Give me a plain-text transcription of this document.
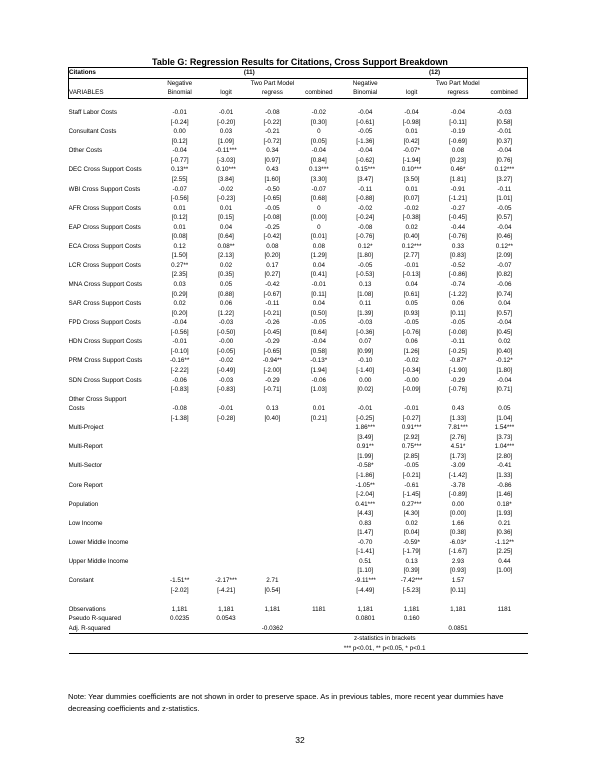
Table G: Regression Results for Citations, Cross Support Breakdown
Citations	(11)				(12)			
	Negative	Two Part Model			Negative	Two Part Model		
VARIABLES	Binomial	logit	regress	combined	Binomial	logit	regress	combined

Staff Labor Costs	-0.01	-0.01	-0.08	-0.02	-0.04	-0.04	-0.04	-0.03
	[-0.24]	[-0.20]	[-0.22]	[0.30]	[-0.61]	[-0.98]	[-0.11]	[0.58]
Consultant Costs	0.00	0.03	-0.21	0	-0.05	0.01	-0.19	-0.01
	[0.12]	[1.09]	[-0.72]	[0.05]	[-1.36]	[0.42]	[-0.69]	[0.37]
Other Costs	-0.04	-0.11***	0.34	-0.04	-0.04	-0.07*	0.08	-0.04
	[-0.77]	[-3.03]	[0.97]	[0.84]	[-0.62]	[-1.94]	[0.23]	[0.76]
DEC Cross Support Costs	0.13**	0.10***	0.43	0.13***	0.15***	0.10***	0.46*	0.12***
	[2.55]	[3.84]	[1.60]	[3.30]	[3.47]	[3.50]	[1.81]	[3.27]
WBI Cross Support Costs	-0.07	-0.02	-0.50	-0.07	-0.11	0.01	-0.91	-0.11
	[-0.56]	[-0.23]	[-0.65]	[0.68]	[-0.88]	[0.07]	[-1.21]	[1.01]
AFR Cross Support Costs	0.01	0.01	-0.05	0	-0.02	-0.02	-0.27	-0.05
	[0.12]	[0.15]	[-0.08]	[0.00]	[-0.24]	[-0.38]	[-0.45]	[0.57]
EAP Cross Support Costs	0.01	0.04	-0.25	0	-0.08	0.02	-0.44	-0.04
	[0.08]	[0.64]	[-0.42]	[0.01]	[-0.76]	[0.40]	[-0.76]	[0.46]
ECA Cross Support Costs	0.12	0.08**	0.08	0.08	0.12*	0.12***	0.33	0.12**
	[1.50]	[2.13]	[0.20]	[1.29]	[1.80]	[2.77]	[0.83]	[2.09]
LCR Cross Support Costs	0.27**	0.02	0.17	0.04	-0.05	-0.01	-0.52	-0.07
	[2.35]	[0.35]	[0.27]	[0.41]	[-0.53]	[-0.13]	[-0.86]	[0.82]
MNA Cross Support Costs	0.03	0.05	-0.42	-0.01	0.13	0.04	-0.74	-0.06
	[0.29]	[0.88]	[-0.67]	[0.11]	[1.08]	[0.61]	[-1.22]	[0.74]
SAR Cross Support Costs	0.02	0.06	-0.11	0.04	0.11	0.05	0.06	0.04
	[0.20]	[1.22]	[-0.21]	[0.50]	[1.39]	[0.93]	[0.11]	[0.57]
FPD Cross Support Costs	-0.04	-0.03	-0.26	-0.05	-0.03	-0.05	-0.05	-0.04
	[-0.56]	[-0.50]	[-0.45]	[0.64]	[-0.36]	[-0.76]	[-0.08]	[0.45]
HDN Cross Support Costs	-0.01	-0.00	-0.29	-0.04	0.07	0.06	-0.11	0.02
	[-0.10]	[-0.05]	[-0.65]	[0.58]	[0.99]	[1.26]	[-0.25]	[0.40]
PRM Cross Support Costs	-0.16**	-0.02	-0.94**	-0.13*	-0.10	-0.02	-0.87*	-0.12*
	[-2.22]	[-0.49]	[-2.00]	[1.94]	[-1.40]	[-0.34]	[-1.90]	[1.80]
SDN Cross Support Costs	-0.06	-0.03	-0.29	-0.06	0.00	-0.00	-0.29	-0.04
	[-0.83]	[-0.83]	[-0.71]	[1.03]	[0.02]	[-0.09]	[-0.76]	[0.71]
Other Cross Support								
Costs	-0.08	-0.01	0.13	0.01	-0.01	-0.01	0.43	0.05
	[-1.38]	[-0.28]	[0.40]	[0.21]	[-0.25]	[-0.27]	[1.33]	[1.04]
Multi-Project					1.86***	0.91***	7.81***	1.54***
					[3.49]	[2.92]	[2.76]	[3.73]
Multi-Report					0.91**	0.75***	4.51*	1.04***
					[1.99]	[2.85]	[1.73]	[2.80]
Multi-Sector					-0.58*	-0.05	-3.09	-0.41
					[-1.86]	[-0.21]	[-1.42]	[1.33]
Core Report					-1.05**	-0.61	-3.78	-0.86
					[-2.04]	[-1.45]	[-0.89]	[1.46]
Population					0.41***	0.27***	0.00	0.18*
					[4.43]	[4.30]	[0.00]	[1.93]
Low Income					0.83	0.02	1.66	0.21
					[1.47]	[0.04]	[0.38]	[0.36]
Lower Middle Income					-0.70	-0.59*	-6.03*	-1.12**
					[-1.41]	[-1.79]	[-1.67]	[2.25]
Upper Middle Income					0.51	0.13	2.93	0.44
					[1.10]	[0.39]	[0.93]	[1.00]
Constant	-1.51**	-2.17***	2.71		-9.11***	-7.42***	1.57	
	[-2.02]	[-4.21]	[0.54]		[-4.49]	[-5.23]	[0.11]	

Observations	1,181	1,181	1,181	1181	1,181	1,181	1,181	1181
Pseudo R-squared	0.0235	0.0543			0.0801	0.160		
Adj. R-squared			-0.0362				0.0851	
z-statistics in brackets								
*** p<0.01, ** p<0.05, * p<0.1								
Note: Year dummies coefficients are not shown in order to preserve space. As in previous tables, more recent year dummies have decreasing coefficients and z-statistics.
32
